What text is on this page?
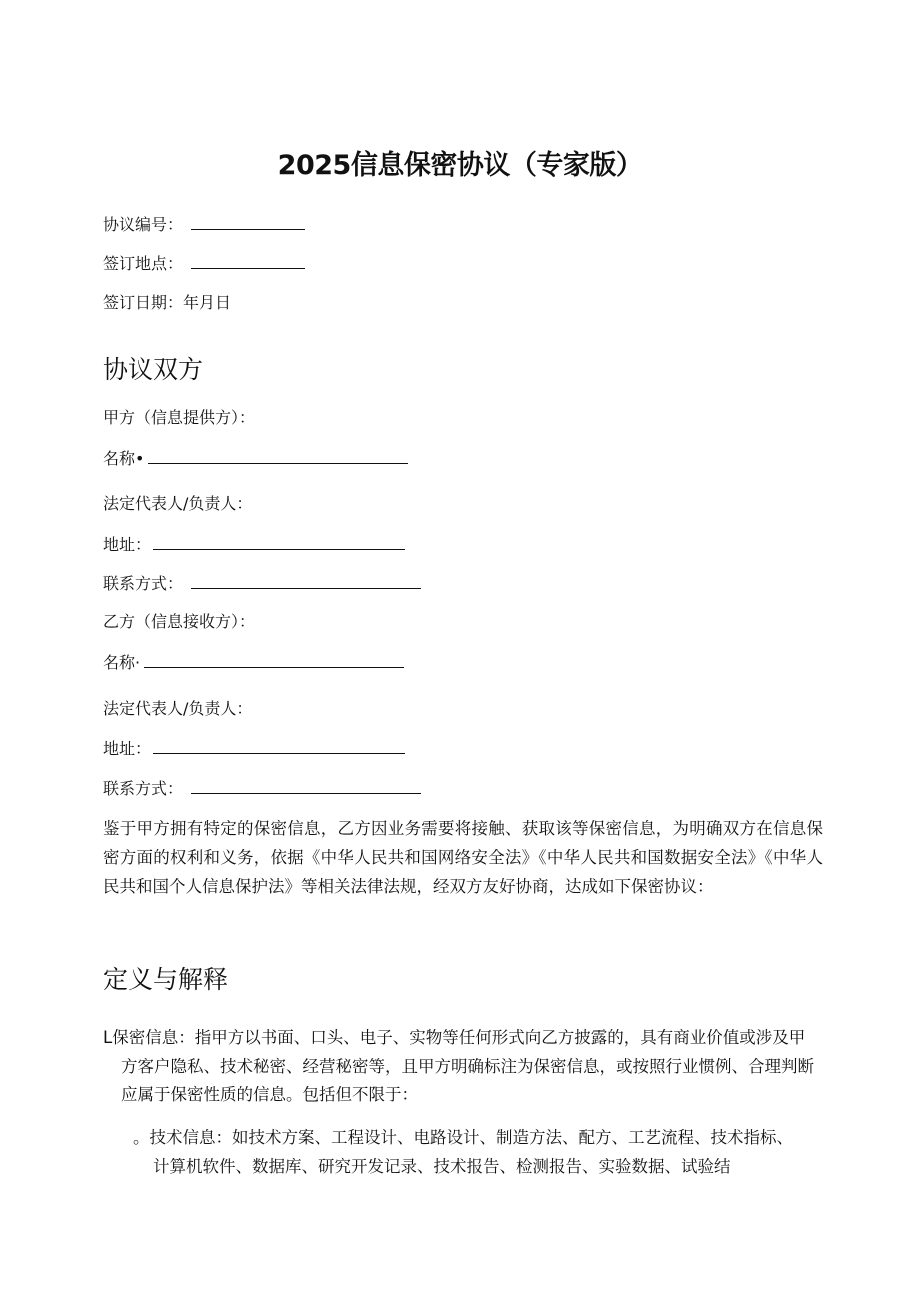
2025信息保密协议（专家版）

协议编号：

签订地点：

签订日期：年月日

协议双方

甲方（信息提供方）：

名称•

法定代表人/负责人：

地址：

联系方式：

乙方（信息接收方）：

名称·

法定代表人/负责人：

地址：

联系方式：

鉴于甲方拥有特定的保密信息，乙方因业务需要将接触、获取该等保密信息，为明确双方在信息保密方面的权利和义务，依据《中华人民共和国网络安全法》《中华人民共和国数据安全法》《中华人民共和国个人信息保护法》等相关法律法规，经双方友好协商，达成如下保密协议：

定义与解释

L保密信息：指甲方以书面、口头、电子、实物等任何形式向乙方披露的，具有商业价值或涉及甲方客户隐私、技术秘密、经营秘密等，且甲方明确标注为保密信息，或按照行业惯例、合理判断应属于保密性质的信息。包括但不限于：

。技术信息：如技术方案、工程设计、电路设计、制造方法、配方、工艺流程、技术指标、计算机软件、数据库、研究开发记录、技术报告、检测报告、实验数据、试验结
